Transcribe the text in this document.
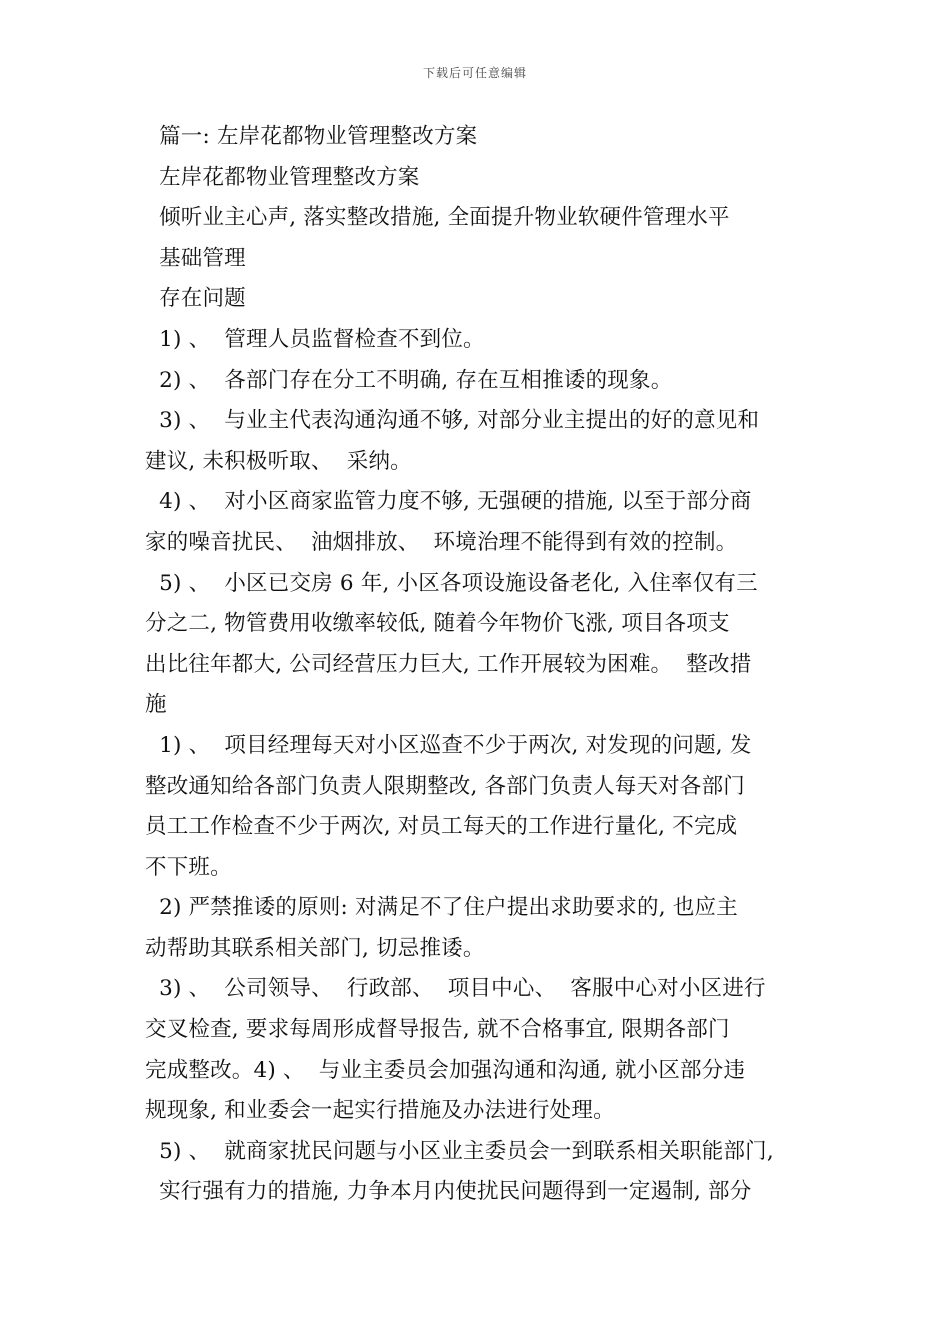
下载后可任意编辑
篇一: 左岸花都物业管理整改方案
左岸花都物业管理整改方案
倾听业主心声, 落实整改措施, 全面提升物业软硬件管理水平
基础管理
存在问题
1) 、  管理人员监督检查不到位。
2) 、  各部门存在分工不明确, 存在互相推诿的现象。
3) 、  与业主代表沟通沟通不够, 对部分业主提出的好的意见和
建议, 未积极听取、  采纳。
4) 、  对小区商家监管力度不够, 无强硬的措施, 以至于部分商
家的噪音扰民、  油烟排放、  环境治理不能得到有效的控制。
5) 、  小区已交房 6 年, 小区各项设施设备老化, 入住率仅有三
分之二, 物管费用收缴率较低, 随着今年物价飞涨, 项目各项支
出比往年都大, 公司经营压力巨大, 工作开展较为困难。  整改措
施
1) 、  项目经理每天对小区巡查不少于两次, 对发现的问题, 发
整改通知给各部门负责人限期整改, 各部门负责人每天对各部门
员工工作检查不少于两次, 对员工每天的工作进行量化, 不完成
不下班。
2) 严禁推诿的原则: 对满足不了住户提出求助要求的, 也应主
动帮助其联系相关部门, 切忌推诿。
3) 、  公司领导、  行政部、  项目中心、  客服中心对小区进行
交叉检查, 要求每周形成督导报告, 就不合格事宜, 限期各部门
完成整改。4) 、  与业主委员会加强沟通和沟通, 就小区部分违
规现象, 和业委会一起实行措施及办法进行处理。
5) 、  就商家扰民问题与小区业主委员会一到联系相关职能部门,
实行强有力的措施, 力争本月内使扰民问题得到一定遏制, 部分
